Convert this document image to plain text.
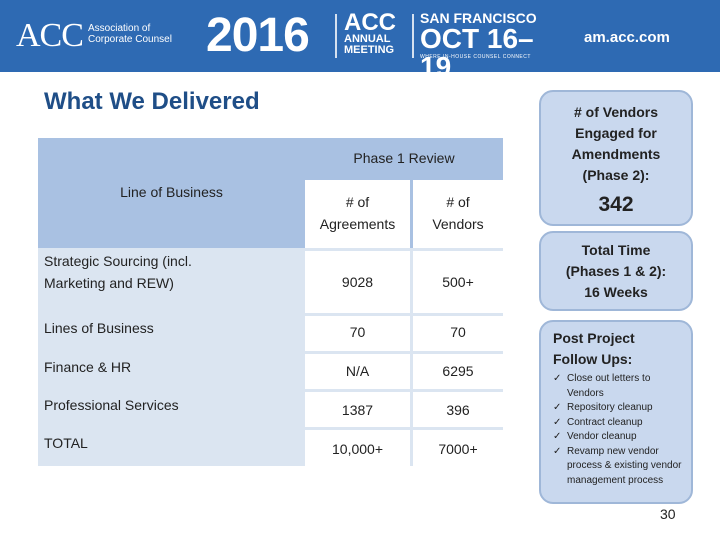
ACC Association of
Corporate Counsel 2016 ACC
ANNUAL
MEETING
SAN FRANCISCO
OCT 16–19
WHERE IN-HOUSE COUNSEL CONNECT
am.acc.com
What We Delivered
Line of Business
Phase 1 Review
# of
Agreements
# of
Vendors
Strategic Sourcing (incl.
Marketing and REW)	9028	500+
Lines of Business	70	70
Finance & HR	N/A	6295
Professional Services	1387	396
TOTAL	10,000+	7000+
# of Vendors
Engaged for
Amendments
(Phase 2):
342
Total Time
(Phases 1 & 2):
16 Weeks
Post Project
Follow Ups:
✓ Close out letters to Vendors
✓ Repository cleanup
✓ Contract cleanup
✓ Vendor cleanup
✓ Revamp new vendor process & existing vendor management process
30
